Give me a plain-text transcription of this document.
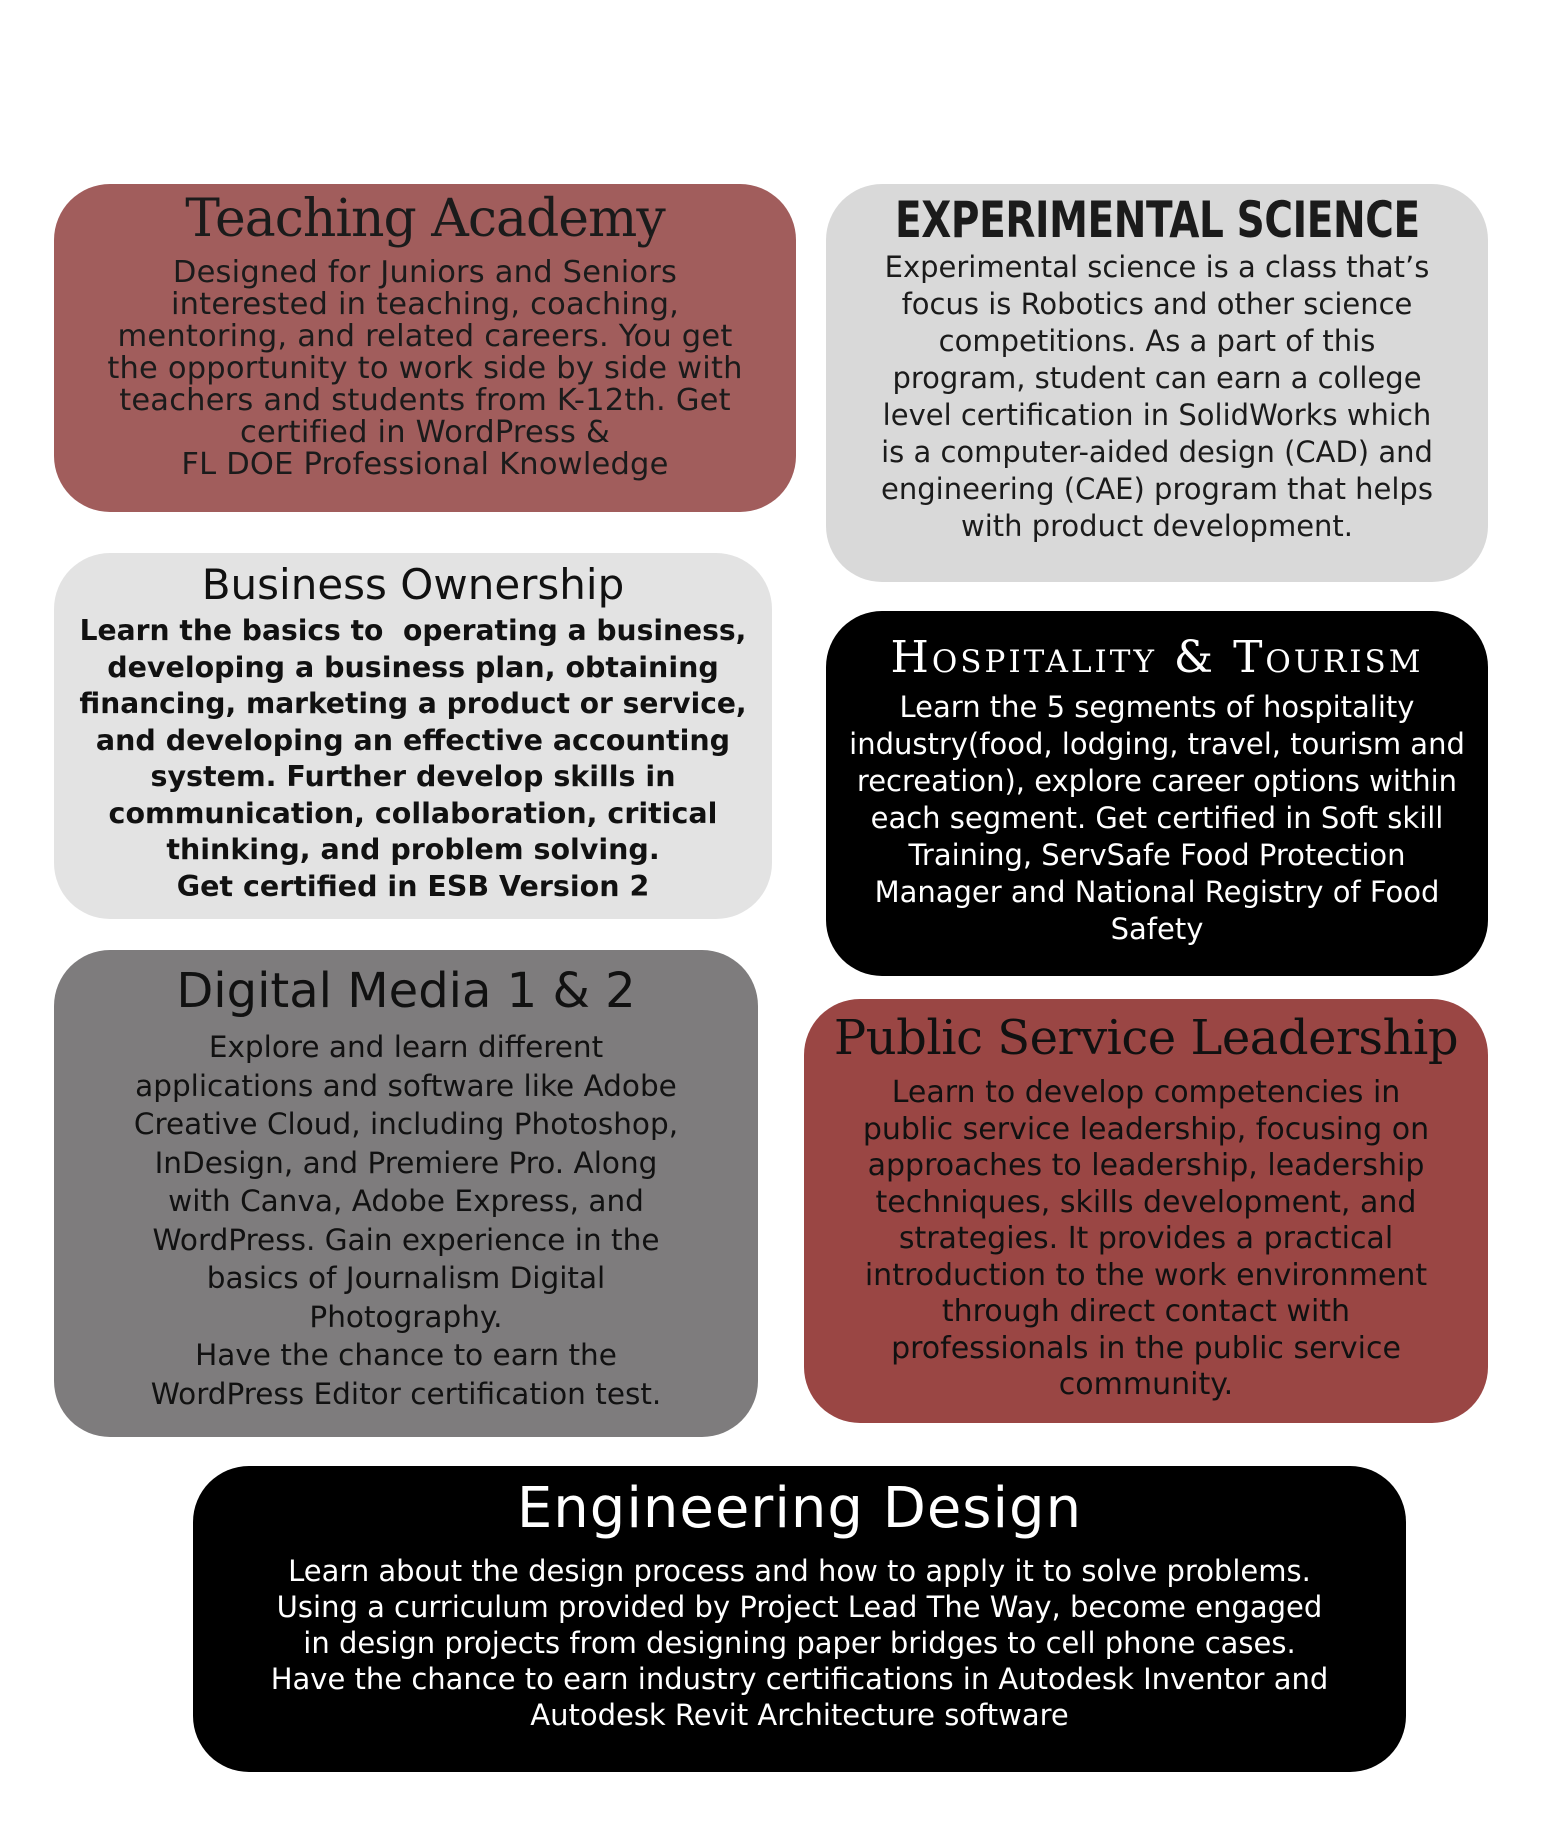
Teaching Academy

Designed for Juniors and Seniors
interested in teaching, coaching,
mentoring, and related careers. You get
the opportunity to work side by side with
teachers and students from K-12th. Get
certified in WordPress &
FL DOE Professional Knowledge

EXPERIMENTAL SCIENCE

Experimental science is a class that’s
focus is Robotics and other science
competitions. As a part of this
program, student can earn a college
level certification in SolidWorks which
is a computer-aided design (CAD) and
engineering (CAE) program that helps
with product development.

Business Ownership

Learn the basics to  operating a business,
developing a business plan, obtaining
financing, marketing a product or service,
and developing an effective accounting
system. Further develop skills in
communication, collaboration, critical
thinking, and problem solving.
Get certified in ESB Version 2

Hospitality & Tourism

Learn the 5 segments of hospitality
industry(food, lodging, travel, tourism and
recreation), explore career options within
each segment. Get certified in Soft skill
Training, ServSafe Food Protection
Manager and National Registry of Food
Safety

Digital Media 1 & 2

Explore and learn different
applications and software like Adobe
Creative Cloud, including Photoshop,
InDesign, and Premiere Pro. Along
with Canva, Adobe Express, and
WordPress. Gain experience in the
basics of Journalism Digital
Photography.
Have the chance to earn the
WordPress Editor certification test.

Public Service Leadership

Learn to develop competencies in
public service leadership, focusing on
approaches to leadership, leadership
techniques, skills development, and
strategies. It provides a practical
introduction to the work environment
through direct contact with
professionals in the public service
community.

Engineering Design

Learn about the design process and how to apply it to solve problems.
Using a curriculum provided by Project Lead The Way, become engaged
in design projects from designing paper bridges to cell phone cases.
Have the chance to earn industry certifications in Autodesk Inventor and
Autodesk Revit Architecture software
